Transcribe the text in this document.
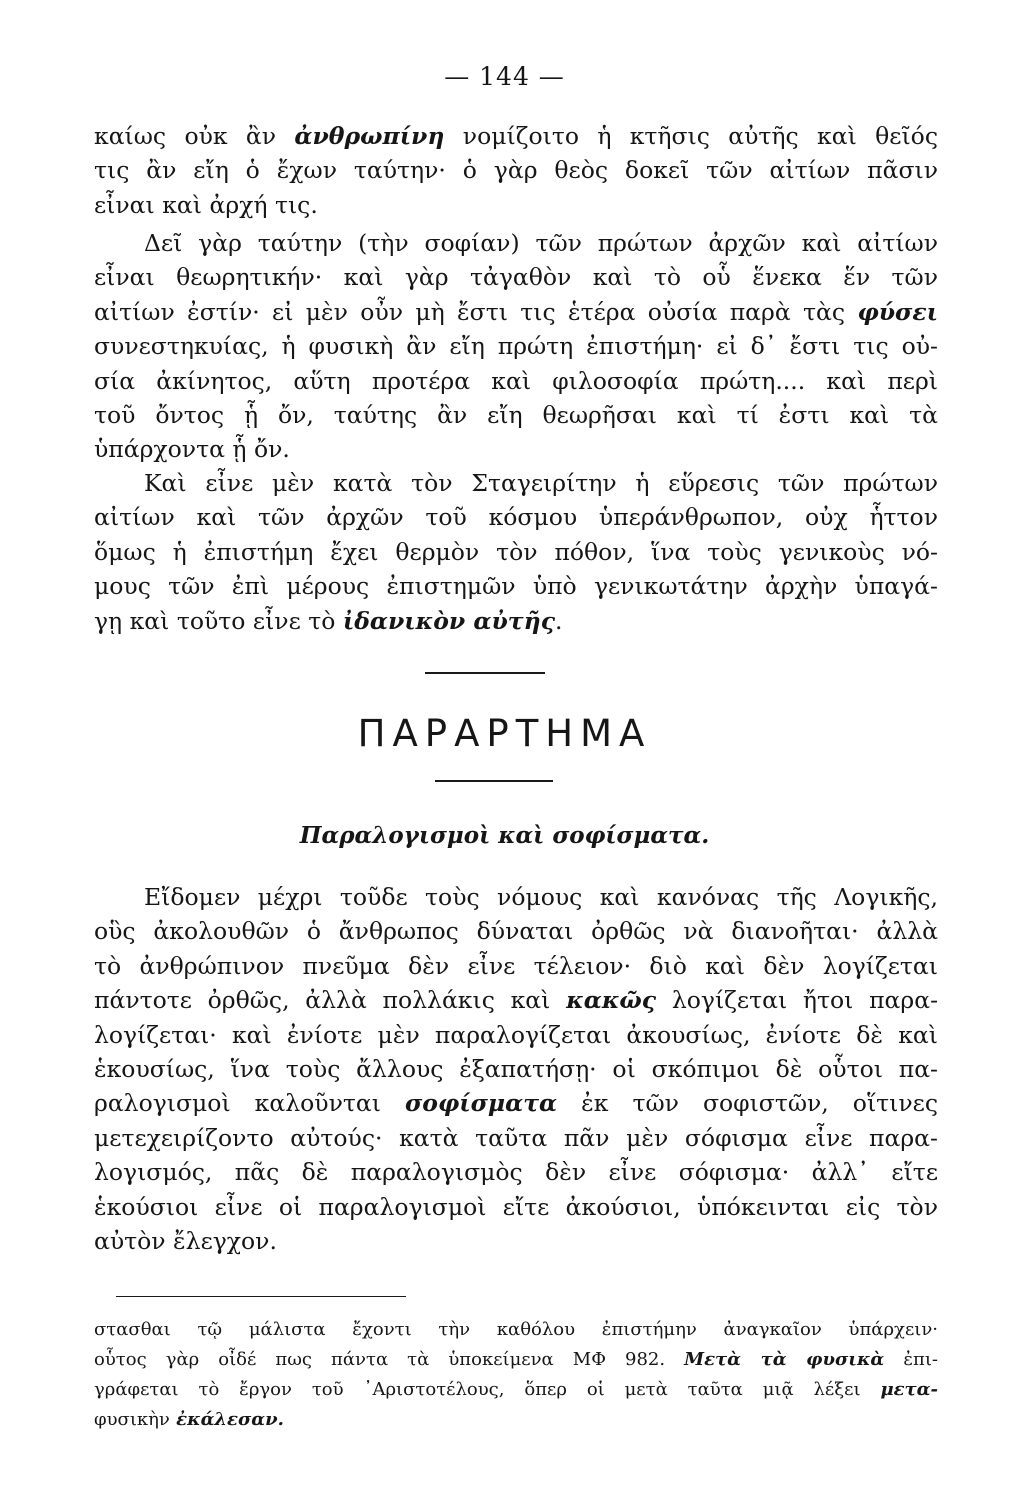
— 144 —
καίως οὐκ ἂν ἀνθρωπίνη νομίζοιτο ἡ κτῆσις αὐτῆς καὶ θεῖός
τις ἂν εἴη ὁ ἔχων ταύτην· ὁ γὰρ θεὸς δοκεῖ τῶν αἰτίων πᾶσιν
εἶναι καὶ ἀρχή τις.
Δεῖ γὰρ ταύτην (τὴν σοφίαν) τῶν πρώτων ἀρχῶν καὶ αἰτίων
εἶναι θεωρητικήν· καὶ γὰρ τἀγαθὸν καὶ τὸ οὗ ἕνεκα ἕν τῶν
αἰτίων ἐστίν· εἰ μὲν οὖν μὴ ἔστι τις ἑτέρα οὐσία παρὰ τὰς φύσει
συνεστηκυίας, ἡ φυσικὴ ἂν εἴη πρώτη ἐπιστήμη· εἰ δ᾿ ἔστι τις οὐ-
σία ἀκίνητος, αὕτη προτέρα καὶ φιλοσοφία πρώτη.... καὶ περὶ
τοῦ ὄντος ᾗ ὄν, ταύτης ἂν εἴη θεωρῆσαι καὶ τί ἐστι καὶ τὰ
ὑπάρχοντα ᾗ ὄν.
Καὶ εἶνε μὲν κατὰ τὸν Σταγειρίτην ἡ εὕρεσις τῶν πρώτων
αἰτίων καὶ τῶν ἀρχῶν τοῦ κόσμου ὑπεράνθρωπον, οὐχ ἧττον
ὅμως ἡ ἐπιστήμη ἔχει θερμὸν τὸν πόθον, ἵνα τοὺς γενικοὺς νό-
μους τῶν ἐπὶ μέρους ἐπιστημῶν ὑπὸ γενικωτάτην ἀρχὴν ὑπαγά-
γῃ καὶ τοῦτο εἶνε τὸ ἰδανικὸν αὐτῆς.
ΠΑΡΑΡΤΗΜΑ
Παραλογισμοὶ καὶ σοφίσματα.
Εἴδομεν μέχρι τοῦδε τοὺς νόμους καὶ κανόνας τῆς Λογικῆς,
οὓς ἀκολουθῶν ὁ ἄνθρωπος δύναται ὀρθῶς νὰ διανοῆται· ἀλλὰ
τὸ ἀνθρώπινον πνεῦμα δὲν εἶνε τέλειον· διὸ καὶ δὲν λογίζεται
πάντοτε ὀρθῶς, ἀλλὰ πολλάκις καὶ κακῶς λογίζεται ἤτοι παρα-
λογίζεται· καὶ ἐνίοτε μὲν παραλογίζεται ἀκουσίως, ἐνίοτε δὲ καὶ
ἑκουσίως, ἵνα τοὺς ἄλλους ἐξαπατήσῃ· οἱ σκόπιμοι δὲ οὗτοι πα-
ραλογισμοὶ καλοῦνται σοφίσματα ἐκ τῶν σοφιστῶν, οἵτινες
μετεχειρίζοντο αὐτούς· κατὰ ταῦτα πᾶν μὲν σόφισμα εἶνε παρα-
λογισμός, πᾶς δὲ παραλογισμὸς δὲν εἶνε σόφισμα· ἀλλ᾿ εἴτε
ἑκούσιοι εἶνε οἱ παραλογισμοὶ εἴτε ἀκούσιοι, ὑπόκεινται εἰς τὸν
αὐτὸν ἔλεγχον.
στασθαι τῷ μάλιστα ἔχοντι τὴν καθόλου ἐπιστήμην ἀναγκαῖον ὑπάρχειν·
οὗτος γὰρ οἶδέ πως πάντα τὰ ὑποκείμενα ΜΦ 982. Μετὰ τὰ φυσικὰ ἐπι-
γράφεται τὸ ἔργον τοῦ ᾿Αριστοτέλους, ὅπερ οἱ μετὰ ταῦτα μιᾷ λέξει μετα-
φυσικὴν ἐκάλεσαν.
